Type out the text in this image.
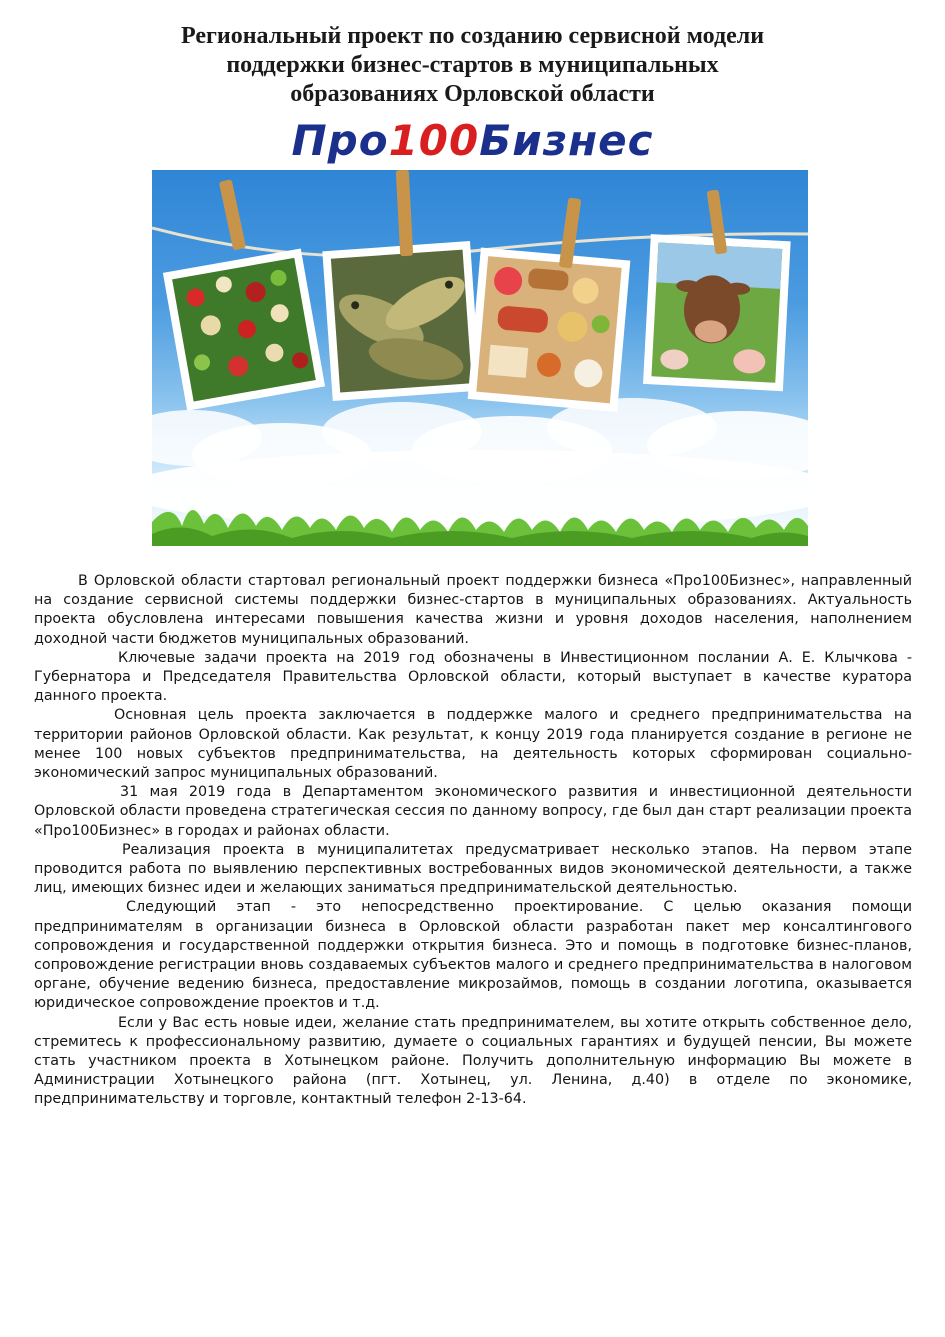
Региональный проект по созданию сервисной модели
поддержки бизнес-стартов в муниципальных
образованиях Орловской области
Про100Бизнес

В Орловской области стартовал региональный проект поддержки бизнеса «Про100Бизнес», направленный на создание сервисной системы поддержки бизнес-стартов в муниципальных образованиях. Актуальность проекта обусловлена интересами повышения качества жизни и уровня доходов населения, наполнением доходной части бюджетов муниципальных образований.

Ключевые задачи проекта на 2019 год обозначены в Инвестиционном послании А. Е. Клычкова - Губернатора и Председателя Правительства Орловской области, который выступает в качестве куратора данного проекта.

Основная цель проекта заключается в поддержке малого и среднего предпринимательства на территории районов Орловской области. Как результат, к концу 2019 года планируется создание в регионе не менее 100 новых субъектов предпринимательства, на деятельность которых сформирован социально-экономический запрос муниципальных образований.

31 мая 2019 года в Департаментом экономического развития и инвестиционной деятельности Орловской области проведена стратегическая сессия по данному вопросу, где был дан старт реализации проекта «Про100Бизнес» в городах и районах области.

Реализация проекта в муниципалитетах предусматривает несколько этапов. На первом этапе проводится работа по выявлению перспективных востребованных видов экономической деятельности, а также лиц, имеющих бизнес идеи и желающих заниматься предпринимательской деятельностью.

Следующий этап - это непосредственно проектирование. С целью оказания помощи предпринимателям в организации бизнеса в Орловской области разработан пакет мер консалтингового сопровождения и государственной поддержки открытия бизнеса. Это и помощь в подготовке бизнес-планов, сопровождение регистрации вновь создаваемых субъектов малого и среднего предпринимательства в налоговом органе, обучение ведению бизнеса, предоставление микрозаймов, помощь в создании логотипа, оказывается юридическое сопровождение проектов и т.д.

Если у Вас есть новые идеи, желание стать предпринимателем, вы хотите открыть собственное дело, стремитесь к профессиональному развитию, думаете о социальных гарантиях и будущей пенсии, Вы можете стать участником проекта в Хотынецком районе. Получить дополнительную информацию Вы можете в Администрации Хотынецкого района (пгт. Хотынец, ул. Ленина, д.40) в отделе по экономике, предпринимательству и торговле, контактный телефон 2-13-64.
